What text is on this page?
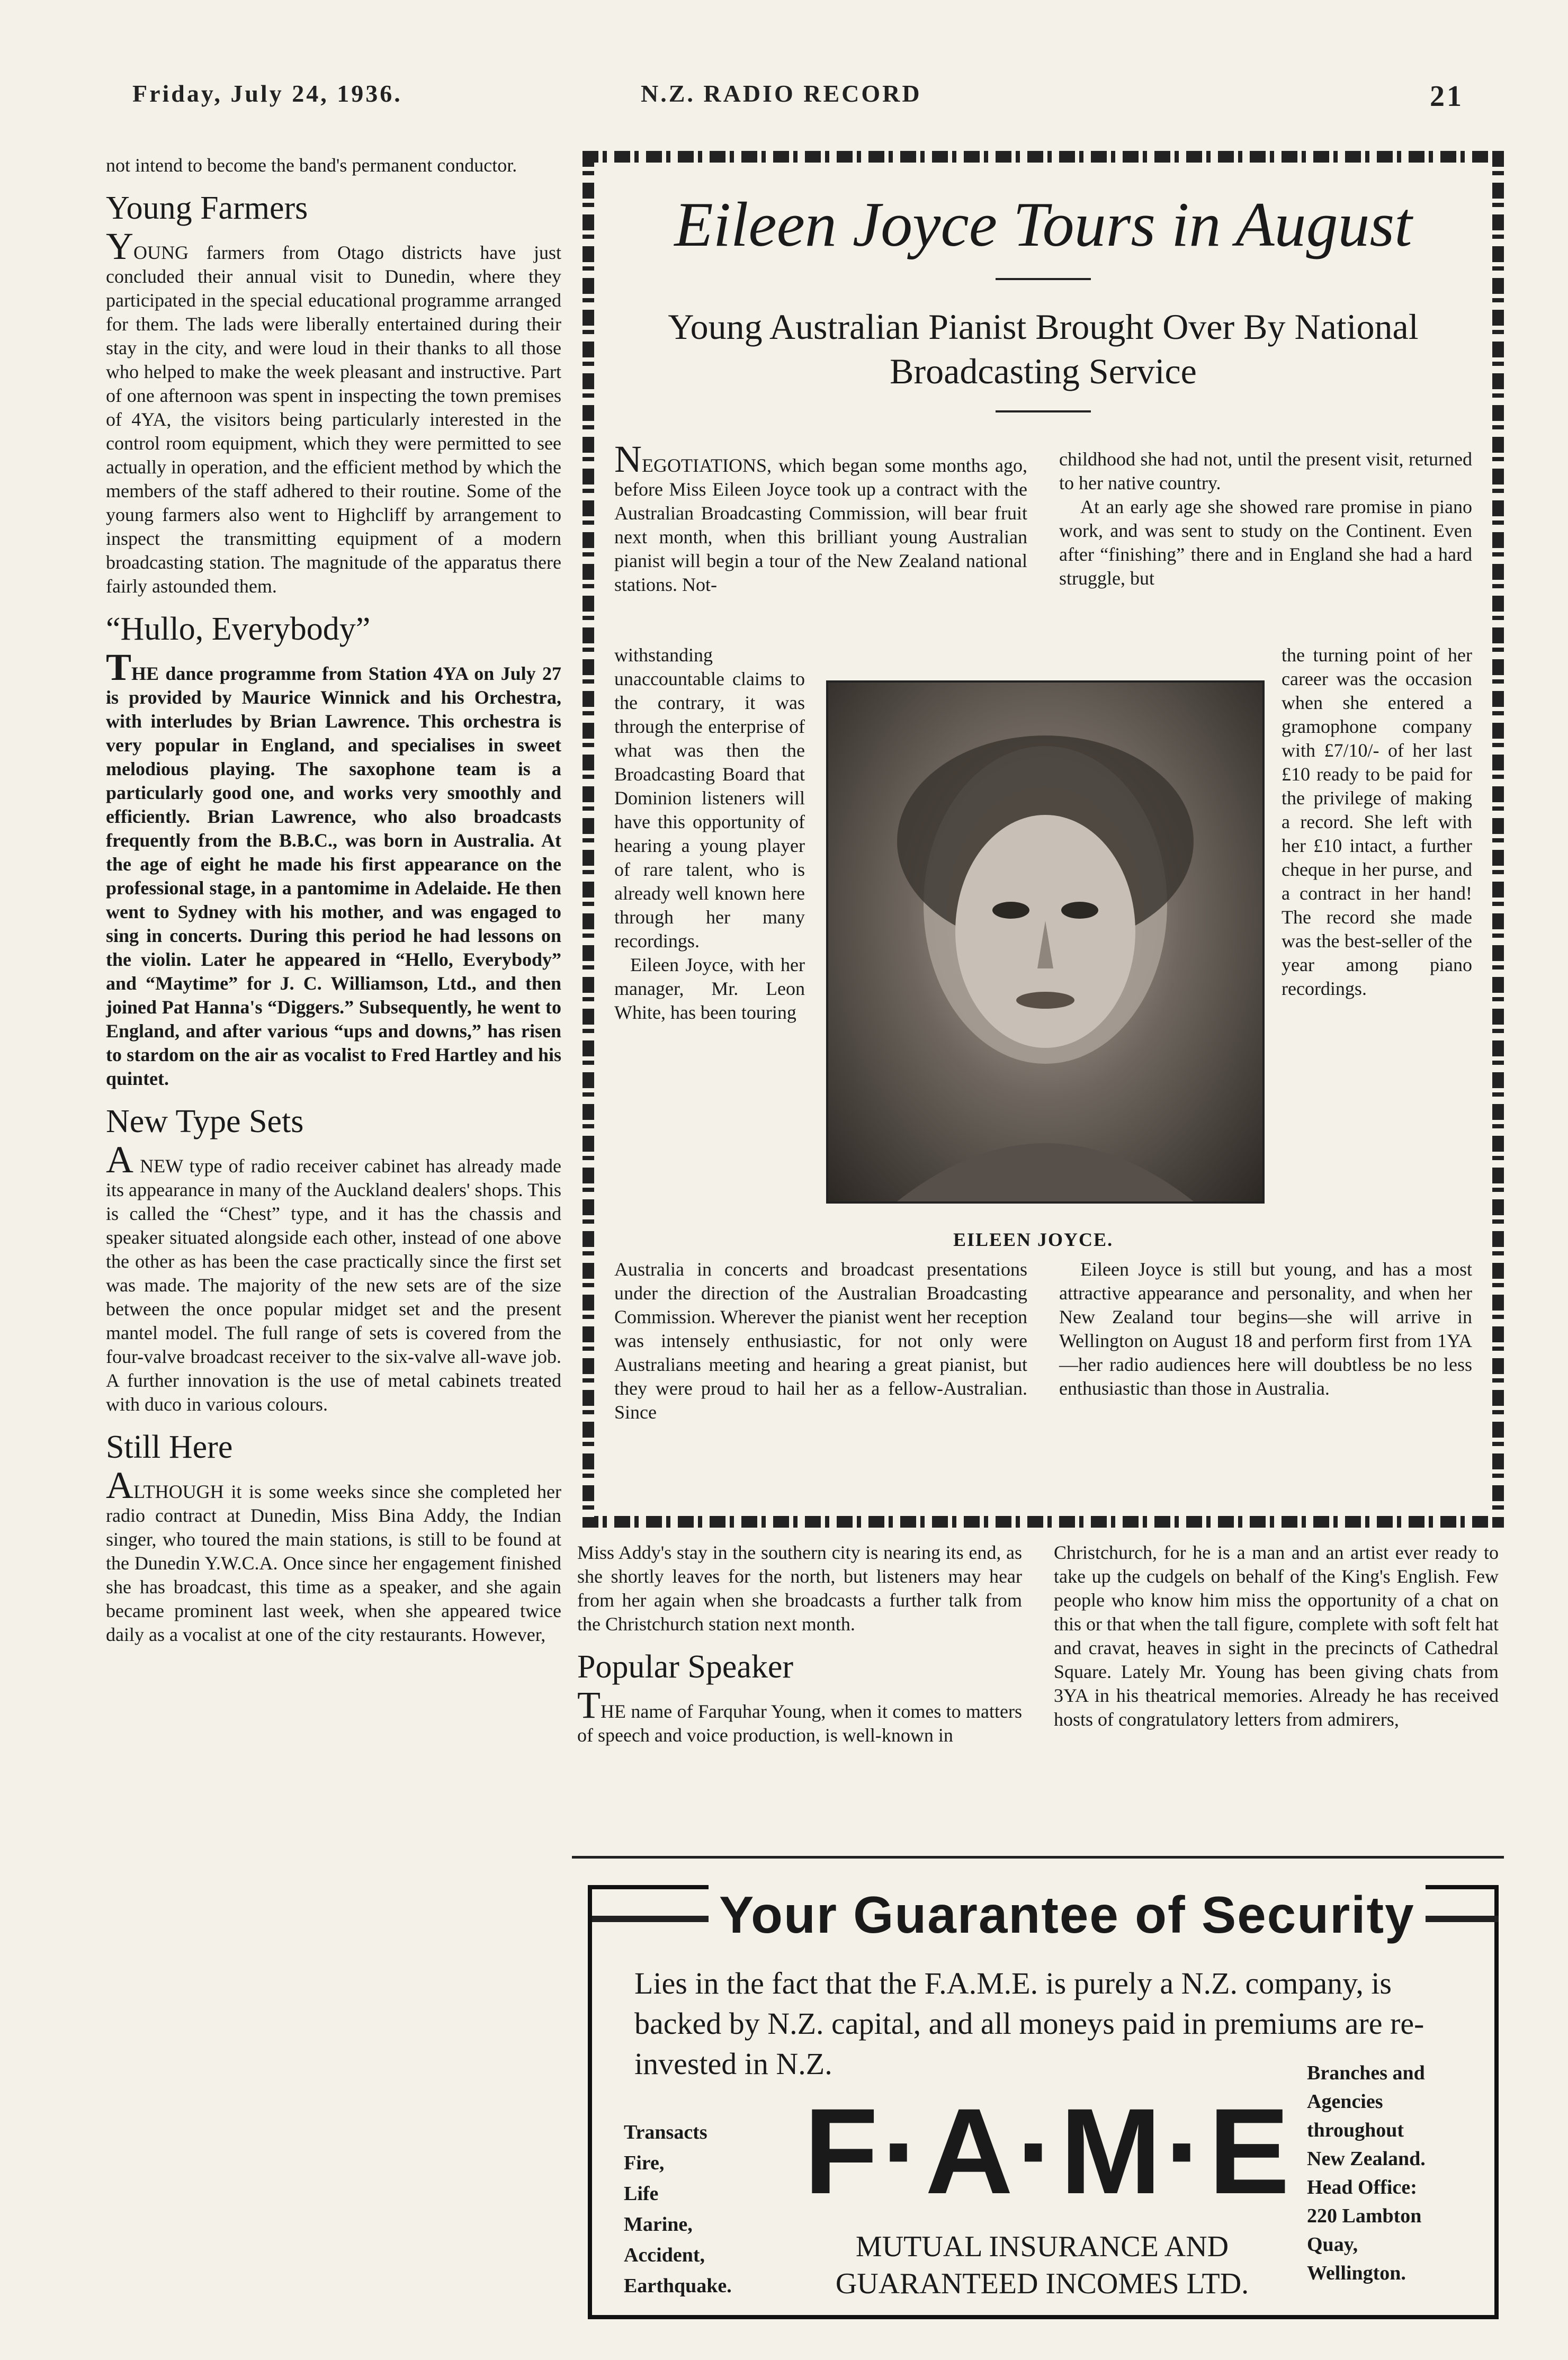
Friday, July 24, 1936.	N.Z. RADIO RECORD	21

not intend to become the band's permanent conductor.

Young Farmers

YOUNG farmers from Otago districts have just concluded their annual visit to Dunedin, where they participated in the special educational programme arranged for them. The lads were liberally entertained during their stay in the city, and were loud in their thanks to all those who helped to make the week pleasant and instructive. Part of one afternoon was spent in inspecting the town premises of 4YA, the visitors being particularly interested in the control room equipment, which they were permitted to see actually in operation, and the efficient method by which the members of the staff adhered to their routine. Some of the young farmers also went to Highcliff by arrangement to inspect the transmitting equipment of a modern broadcasting station. The magnitude of the apparatus there fairly astounded them.

“Hullo, Everybody”

THE dance programme from Station 4YA on July 27 is provided by Maurice Winnick and his Orchestra, with interludes by Brian Lawrence. This orchestra is very popular in England, and specialises in sweet melodious playing. The saxophone team is a particularly good one, and works very smoothly and efficiently. Brian Lawrence, who also broadcasts frequently from the B.B.C., was born in Australia. At the age of eight he made his first appearance on the professional stage, in a pantomime in Adelaide. He then went to Sydney with his mother, and was engaged to sing in concerts. During this period he had lessons on the violin. Later he appeared in “Hello, Everybody” and “Maytime” for J. C. Williamson, Ltd., and then joined Pat Hanna's “Diggers.” Subsequently, he went to England, and after various “ups and downs,” has risen to stardom on the air as vocalist to Fred Hartley and his quintet.

New Type Sets

A NEW type of radio receiver cabinet has already made its appearance in many of the Auckland dealers' shops. This is called the “Chest” type, and it has the chassis and speaker situated alongside each other, instead of one above the other as has been the case practically since the first set was made. The majority of the new sets are of the size between the once popular midget set and the present mantel model. The full range of sets is covered from the four-valve broadcast receiver to the six-valve all-wave job. A further innovation is the use of metal cabinets treated with duco in various colours.

Still Here

ALTHOUGH it is some weeks since she completed her radio contract at Dunedin, Miss Bina Addy, the Indian singer, who toured the main stations, is still to be found at the Dunedin Y.W.C.A. Once since her engagement finished she has broadcast, this time as a speaker, and she again became prominent last week, when she appeared twice daily as a vocalist at one of the city restaurants. However,

Eileen Joyce Tours in August
Young Australian Pianist Brought Over By National Broadcasting Service

NEGOTIATIONS, which began some months ago, before Miss Eileen Joyce took up a contract with the Australian Broadcasting Commission, will bear fruit next month, when this brilliant young Australian pianist will begin a tour of the New Zealand national stations. Not-

childhood she had not, until the present visit, returned to her native country.

At an early age she showed rare promise in piano work, and was sent to study on the Continent. Even after “finishing” there and in England she had a hard struggle, but

withstanding unaccountable claims to the contrary, it was through the enterprise of what was then the Broadcasting Board that Dominion listeners will have this opportunity of hearing a young player of rare talent, who is already well known here through her many recordings.

Eileen Joyce, with her manager, Mr. Leon White, has been touring

EILEEN JOYCE.

the turning point of her career was the occasion when she entered a gramophone company with £7/10/- of her last £10 ready to be paid for the privilege of making a record. She left with her £10 intact, a further cheque in her purse, and a contract in her hand! The record she made was the best-seller of the year among piano recordings.

Australia in concerts and broadcast presentations under the direction of the Australian Broadcasting Commission. Wherever the pianist went her reception was intensely enthusiastic, for not only were Australians meeting and hearing a great pianist, but they were proud to hail her as a fellow-Australian. Since

Eileen Joyce is still but young, and has a most attractive appearance and personality, and when her New Zealand tour begins—she will arrive in Wellington on August 18 and perform first from 1YA—her radio audiences here will doubtless be no less enthusiastic than those in Australia.

Miss Addy's stay in the southern city is nearing its end, as she shortly leaves for the north, but listeners may hear from her again when she broadcasts a further talk from the Christchurch station next month.

Popular Speaker

THE name of Farquhar Young, when it comes to matters of speech and voice production, is well-known in

Christchurch, for he is a man and an artist ever ready to take up the cudgels on behalf of the King's English. Few people who know him miss the opportunity of a chat on this or that when the tall figure, complete with soft felt hat and cravat, heaves in sight in the precincts of Cathedral Square. Lately Mr. Young has been giving chats from 3YA in his theatrical memories. Already he has received hosts of congratulatory letters from admirers,

Your Guarantee of Security
Lies in the fact that the F.A.M.E. is purely a N.Z. company, is backed by N.Z. capital, and all moneys paid in premiums are re-invested in N.Z.
Transacts
Fire,
Life
Marine,
Accident,
Earthquake.
F·A·M·E
MUTUAL INSURANCE AND
GUARANTEED INCOMES LTD.
Branches and
Agencies
throughout
New Zealand.
Head Office:
220 Lambton
Quay,
Wellington.
